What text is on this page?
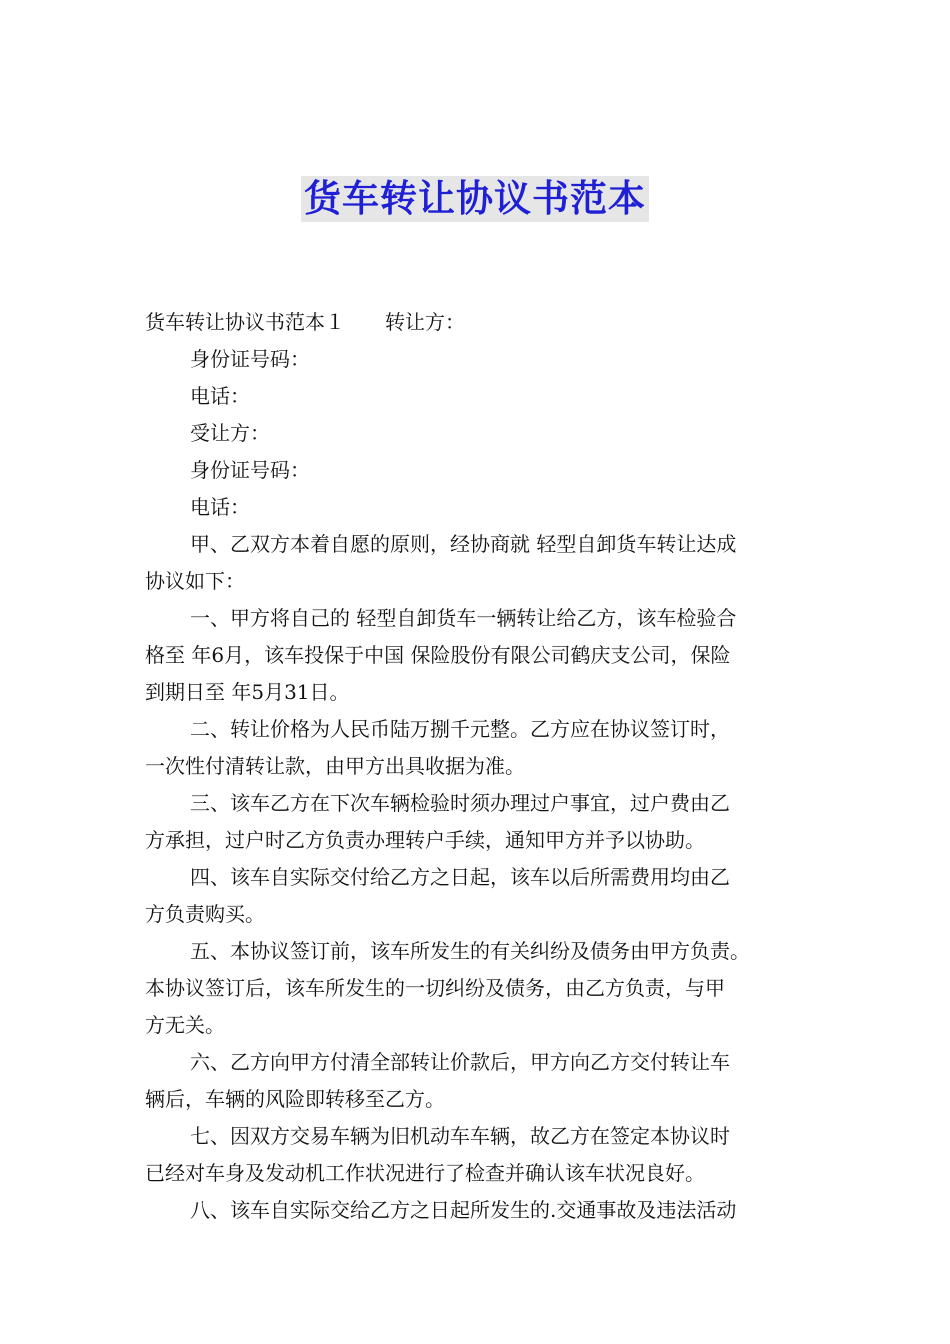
货车转让协议书范本
货车转让协议书范本１ 转让方：
身份证号码：
电话：
受让方：
身份证号码：
电话：
甲、乙双方本着自愿的原则，经协商就 轻型自卸货车转让达成
协议如下：
一、甲方将自己的 轻型自卸货车一辆转让给乙方，该车检验合
格至 年6月，该车投保于中国 保险股份有限公司鹤庆支公司，保险
到期日至 年5月31日。
二、转让价格为人民币陆万捌千元整。乙方应在协议签订时，
一次性付清转让款，由甲方出具收据为准。
三、该车乙方在下次车辆检验时须办理过户事宜，过户费由乙
方承担，过户时乙方负责办理转户手续，通知甲方并予以协助。
四、该车自实际交付给乙方之日起，该车以后所需费用均由乙
方负责购买。
五、本协议签订前，该车所发生的有关纠纷及债务由甲方负责。
本协议签订后，该车所发生的一切纠纷及债务，由乙方负责，与甲
方无关。
六、乙方向甲方付清全部转让价款后，甲方向乙方交付转让车
辆后，车辆的风险即转移至乙方。
七、因双方交易车辆为旧机动车车辆，故乙方在签定本协议时
已经对车身及发动机工作状况进行了检查并确认该车状况良好。
八、该车自实际交给乙方之日起所发生的.交通事故及违法活动
